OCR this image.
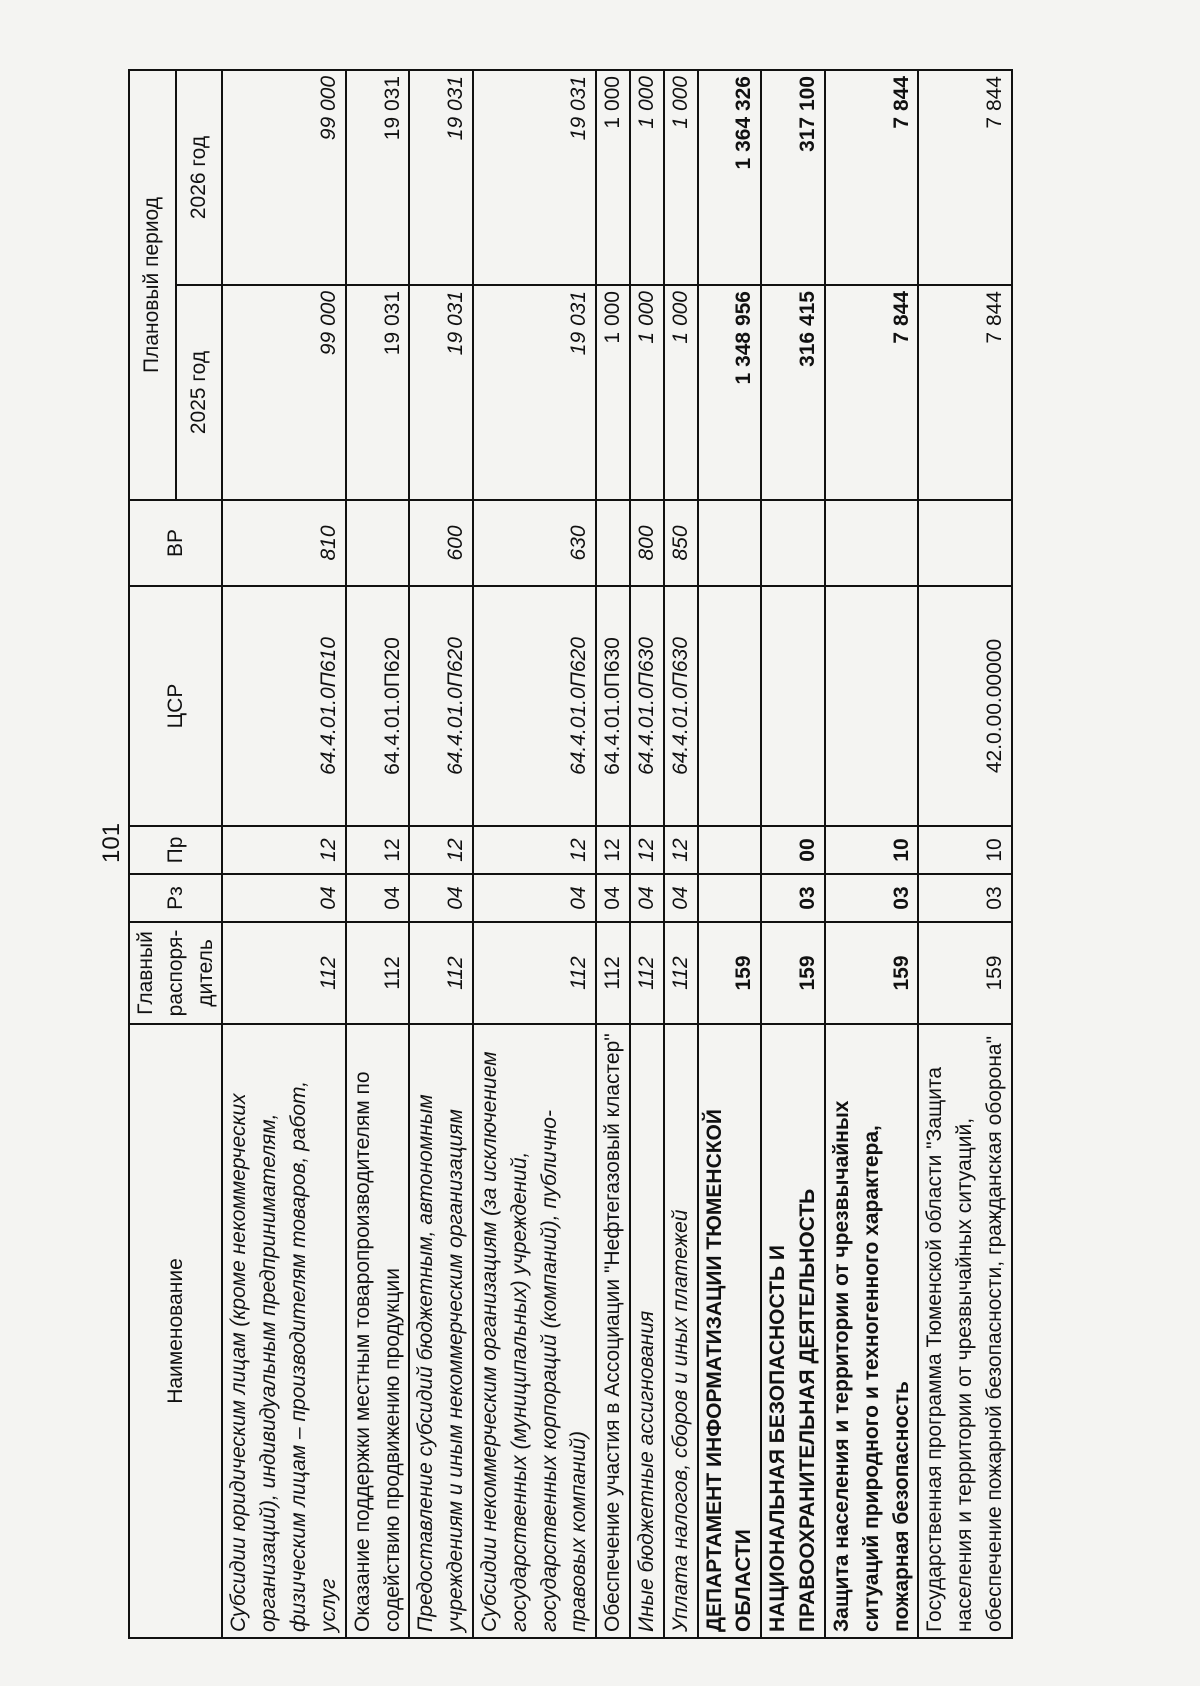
101
Наименование	Главный распоря-дитель	Рз	Пр	ЦСР	ВР	Плановый период	
						2025 год	2026 год
Субсидии юридическим лицам (кроме некоммерческих организаций), индивидуальным предпринимателям, физическим лицам – производителям товаров, работ, услуг	112	04	12	64.4.01.0П610	810	99 000	99 000
Оказание поддержки местным товаропроизводителям по содействию продвижению продукции	112	04	12	64.4.01.0П620		19 031	19 031
Предоставление субсидий бюджетным, автономным учреждениям и иным некоммерческим организациям	112	04	12	64.4.01.0П620	600	19 031	19 031
Субсидии некоммерческим организациям (за исключением государственных (муниципальных) учреждений, государственных корпораций (компаний), публично-правовых компаний)	112	04	12	64.4.01.0П620	630	19 031	19 031
Обеспечение участия в Ассоциации "Нефтегазовый кластер"	112	04	12	64.4.01.0П630		1 000	1 000
Иные бюджетные ассигнования	112	04	12	64.4.01.0П630	800	1 000	1 000
Уплата налогов, сборов и иных платежей	112	04	12	64.4.01.0П630	850	1 000	1 000
ДЕПАРТАМЕНТ ИНФОРМАТИЗАЦИИ ТЮМЕНСКОЙ ОБЛАСТИ	159					1 348 956	1 364 326
НАЦИОНАЛЬНАЯ БЕЗОПАСНОСТЬ И ПРАВООХРАНИТЕЛЬНАЯ ДЕЯТЕЛЬНОСТЬ	159	03	00			316 415	317 100
Защита населения и территории от чрезвычайных ситуаций природного и техногенного характера, пожарная безопасность	159	03	10			7 844	7 844
Государственная программа Тюменской области "Защита населения и территории от чрезвычайных ситуаций, обеспечение пожарной безопасности, гражданская оборона"	159	03	10	42.0.00.00000		7 844	7 844
